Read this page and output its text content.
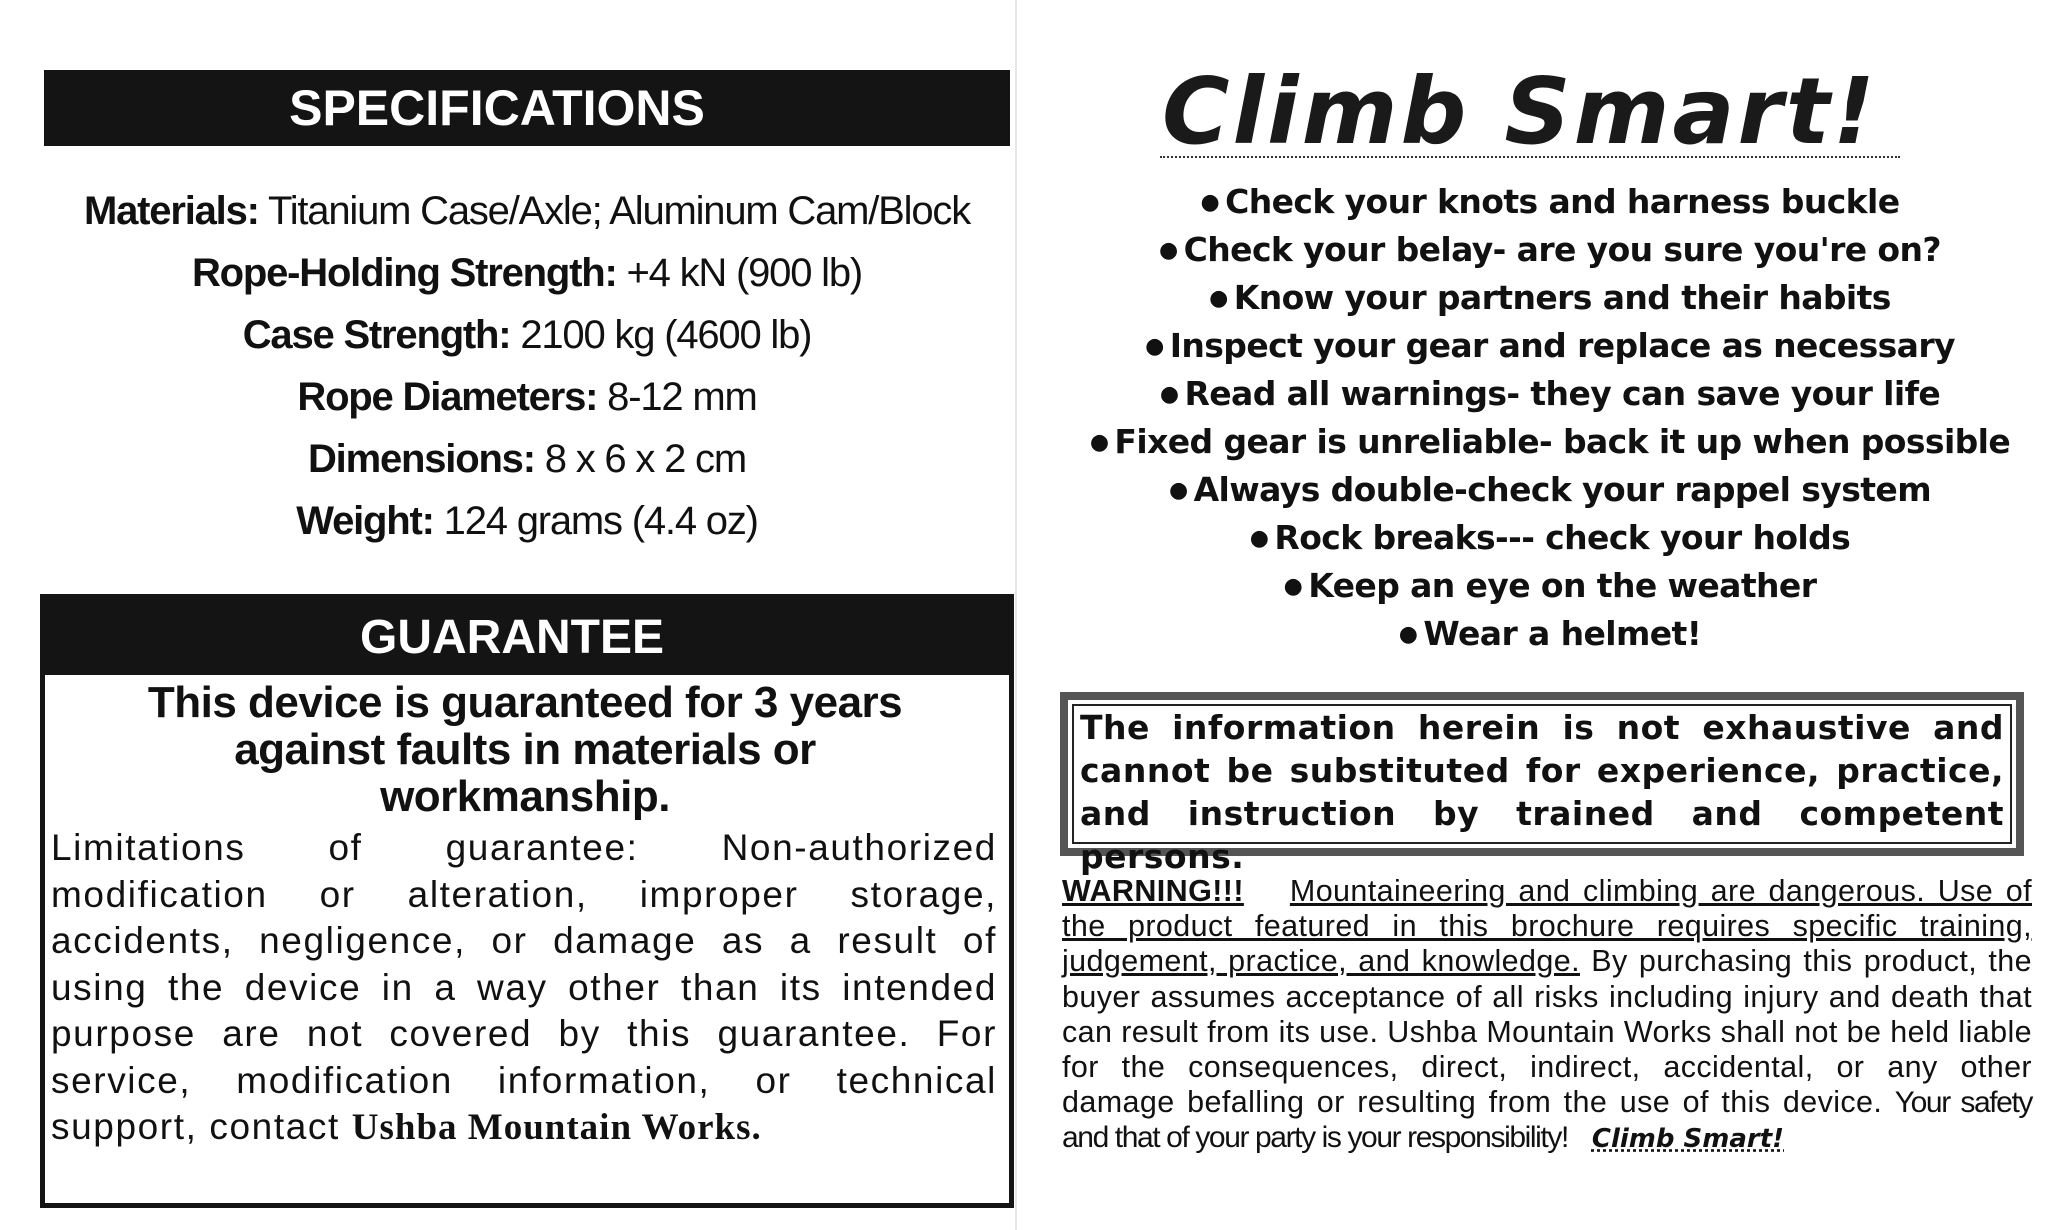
SPECIFICATIONS
Materials: Titanium Case/Axle; Aluminum Cam/Block
Rope-Holding Strength: +4 kN (900 lb)
Case Strength: 2100 kg (4600 lb)
Rope Diameters: 8-12 mm
Dimensions: 8 x 6 x 2 cm
Weight: 124 grams (4.4 oz)
GUARANTEE
This device is guaranteed for 3 years against faults in materials or workmanship.
Limitations of guarantee: Non-authorized modification or alteration, improper storage, accidents, negligence, or damage as a result of using the device in a way other than its intended purpose are not covered by this guarantee. For service, modification information, or technical support, contact Ushba Mountain Works.
Climb Smart!
● Check your knots and harness buckle
● Check your belay- are you sure you're on?
● Know your partners and their habits
● Inspect your gear and replace as necessary
● Read all warnings- they can save your life
● Fixed gear is unreliable- back it up when possible
● Always double-check your rappel system
● Rock breaks--- check your holds
● Keep an eye on the weather
● Wear a helmet!
The information herein is not exhaustive and cannot be substituted for experience, practice, and instruction by trained and competent persons.
WARNING!!! Mountaineering and climbing are dangerous. Use of the product featured in this brochure requires specific training, judgement, practice, and knowledge. By purchasing this product, the buyer assumes acceptance of all risks including injury and death that can result from its use. Ushba Mountain Works shall not be held liable for the consequences, direct, indirect, accidental, or any other damage befalling or resulting from the use of this device. Your safety and that of your party is your responsibility! Climb Smart!
